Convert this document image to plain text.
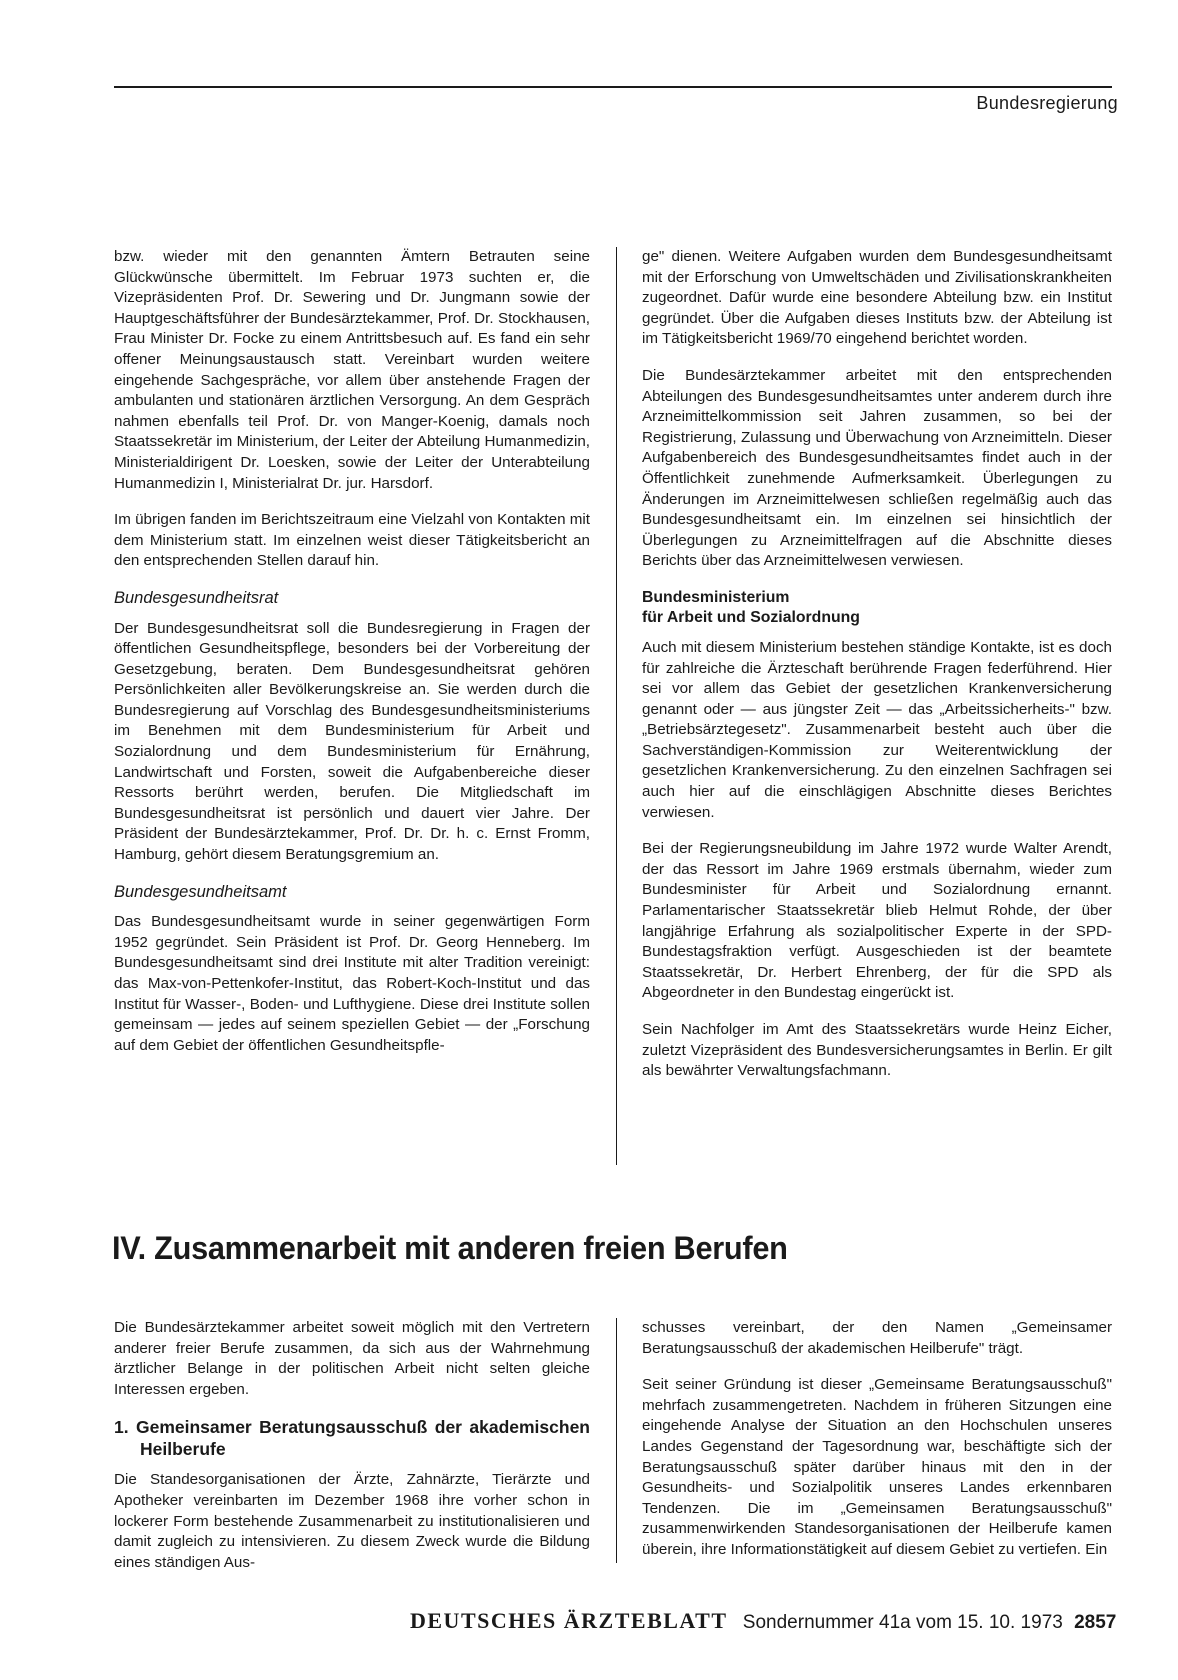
Bundesregierung

bzw. wieder mit den genannten Ämtern Betrauten seine Glückwünsche übermittelt. Im Februar 1973 suchten er, die Vizepräsidenten Prof. Dr. Sewering und Dr. Jungmann sowie der Hauptgeschäftsführer der Bundesärztekammer, Prof. Dr. Stockhausen, Frau Minister Dr. Focke zu einem Antrittsbesuch auf. Es fand ein sehr offener Meinungsaustausch statt. Vereinbart wurden weitere eingehende Sachgespräche, vor allem über anstehende Fragen der ambulanten und stationären ärztlichen Versorgung. An dem Gespräch nahmen ebenfalls teil Prof. Dr. von Manger-Koenig, damals noch Staatssekretär im Ministerium, der Leiter der Abteilung Humanmedizin, Ministerialdirigent Dr. Loesken, sowie der Leiter der Unterabteilung Humanmedizin I, Ministerialrat Dr. jur. Harsdorf.

Im übrigen fanden im Berichtszeitraum eine Vielzahl von Kontakten mit dem Ministerium statt. Im einzelnen weist dieser Tätigkeitsbericht an den entsprechenden Stellen darauf hin.

Bundesgesundheitsrat

Der Bundesgesundheitsrat soll die Bundesregierung in Fragen der öffentlichen Gesundheitspflege, besonders bei der Vorbereitung der Gesetzgebung, beraten. Dem Bundesgesundheitsrat gehören Persönlichkeiten aller Bevölkerungskreise an. Sie werden durch die Bundesregierung auf Vorschlag des Bundesgesundheitsministeriums im Benehmen mit dem Bundesministerium für Arbeit und Sozialordnung und dem Bundesministerium für Ernährung, Landwirtschaft und Forsten, soweit die Aufgabenbereiche dieser Ressorts berührt werden, berufen. Die Mitgliedschaft im Bundesgesundheitsrat ist persönlich und dauert vier Jahre. Der Präsident der Bundesärztekammer, Prof. Dr. Dr. h. c. Ernst Fromm, Hamburg, gehört diesem Beratungsgremium an.

Bundesgesundheitsamt

Das Bundesgesundheitsamt wurde in seiner gegenwärtigen Form 1952 gegründet. Sein Präsident ist Prof. Dr. Georg Henneberg. Im Bundesgesundheitsamt sind drei Institute mit alter Tradition vereinigt: das Max-von-Pettenkofer-Institut, das Robert-Koch-Institut und das Institut für Wasser-, Boden- und Lufthygiene. Diese drei Institute sollen gemeinsam — jedes auf seinem speziellen Gebiet — der „Forschung auf dem Gebiet der öffentlichen Gesundheitspfle-

ge" dienen. Weitere Aufgaben wurden dem Bundesgesundheitsamt mit der Erforschung von Umweltschäden und Zivilisationskrankheiten zugeordnet. Dafür wurde eine besondere Abteilung bzw. ein Institut gegründet. Über die Aufgaben dieses Instituts bzw. der Abteilung ist im Tätigkeitsbericht 1969/70 eingehend berichtet worden.

Die Bundesärztekammer arbeitet mit den entsprechenden Abteilungen des Bundesgesundheitsamtes unter anderem durch ihre Arzneimittelkommission seit Jahren zusammen, so bei der Registrierung, Zulassung und Überwachung von Arzneimitteln. Dieser Aufgabenbereich des Bundesgesundheitsamtes findet auch in der Öffentlichkeit zunehmende Aufmerksamkeit. Überlegungen zu Änderungen im Arzneimittelwesen schließen regelmäßig auch das Bundesgesundheitsamt ein. Im einzelnen sei hinsichtlich der Überlegungen zu Arzneimittelfragen auf die Abschnitte dieses Berichts über das Arzneimittelwesen verwiesen.

Bundesministerium
für Arbeit und Sozialordnung

Auch mit diesem Ministerium bestehen ständige Kontakte, ist es doch für zahlreiche die Ärzteschaft berührende Fragen federführend. Hier sei vor allem das Gebiet der gesetzlichen Krankenversicherung genannt oder — aus jüngster Zeit — das „Arbeitssicherheits-" bzw. „Betriebsärztegesetz". Zusammenarbeit besteht auch über die Sachverständigen-Kommission zur Weiterentwicklung der gesetzlichen Krankenversicherung. Zu den einzelnen Sachfragen sei auch hier auf die einschlägigen Abschnitte dieses Berichtes verwiesen.

Bei der Regierungsneubildung im Jahre 1972 wurde Walter Arendt, der das Ressort im Jahre 1969 erstmals übernahm, wieder zum Bundesminister für Arbeit und Sozialordnung ernannt. Parlamentarischer Staatssekretär blieb Helmut Rohde, der über langjährige Erfahrung als sozialpolitischer Experte in der SPD-Bundestagsfraktion verfügt. Ausgeschieden ist der beamtete Staatssekretär, Dr. Herbert Ehrenberg, der für die SPD als Abgeordneter in den Bundestag eingerückt ist.

Sein Nachfolger im Amt des Staatssekretärs wurde Heinz Eicher, zuletzt Vizepräsident des Bundesversicherungsamtes in Berlin. Er gilt als bewährter Verwaltungsfachmann.

IV. Zusammenarbeit mit anderen freien Berufen

Die Bundesärztekammer arbeitet soweit möglich mit den Vertretern anderer freier Berufe zusammen, da sich aus der Wahrnehmung ärztlicher Belange in der politischen Arbeit nicht selten gleiche Interessen ergeben.

1. Gemeinsamer Beratungsausschuß der akademischen Heilberufe

Die Standesorganisationen der Ärzte, Zahnärzte, Tierärzte und Apotheker vereinbarten im Dezember 1968 ihre vorher schon in lockerer Form bestehende Zusammenarbeit zu institutionalisieren und damit zugleich zu intensivieren. Zu diesem Zweck wurde die Bildung eines ständigen Aus-

schusses vereinbart, der den Namen „Gemeinsamer Beratungsausschuß der akademischen Heilberufe" trägt.

Seit seiner Gründung ist dieser „Gemeinsame Beratungsausschuß" mehrfach zusammengetreten. Nachdem in früheren Sitzungen eine eingehende Analyse der Situation an den Hochschulen unseres Landes Gegenstand der Tagesordnung war, beschäftigte sich der Beratungsausschuß später darüber hinaus mit den in der Gesundheits- und Sozialpolitik unseres Landes erkennbaren Tendenzen. Die im „Gemeinsamen Beratungsausschuß" zusammenwirkenden Standesorganisationen der Heilberufe kamen überein, ihre Informationstätigkeit auf diesem Gebiet zu vertiefen. Ein

DEUTSCHES ÄRZTEBLATT Sondernummer 41a vom 15. 10. 1973 2857
